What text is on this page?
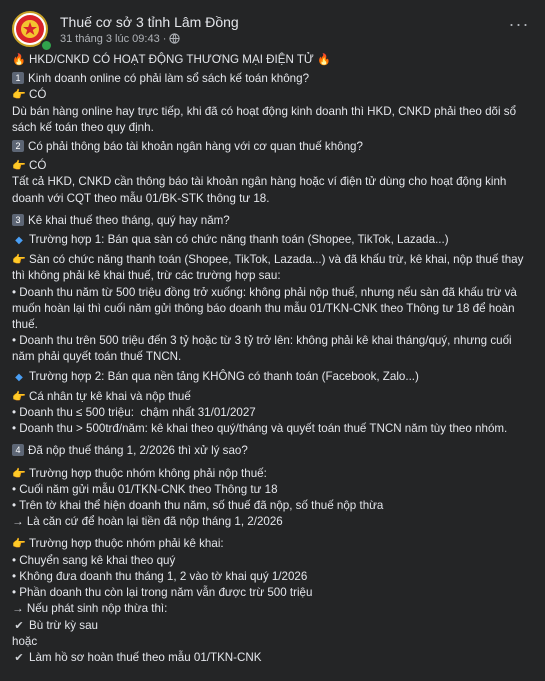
Thuế cơ sở 3 tỉnh Lâm Đồng
31 tháng 3 lúc 09:43 ·
···
🔥 HKD/CNKD CÓ HOẠT ĐỘNG THƯƠNG MẠI ĐIỆN TỬ 🔥
1 Kinh doanh online có phải làm sổ sách kế toán không?
👉 CÓ
Dù bán hàng online hay trực tiếp, khi đã có hoạt động kinh doanh thì HKD, CNKD phải theo dõi sổ sách kế toán theo quy định.
2 Có phải thông báo tài khoản ngân hàng với cơ quan thuế không?
👉 CÓ
Tất cả HKD, CNKD cần thông báo tài khoản ngân hàng hoặc ví điện tử dùng cho hoạt động kinh doanh với CQT theo mẫu 01/BK-STK thông tư 18.
3 Kê khai thuế theo tháng, quý hay năm?
◆ Trường hợp 1: Bán qua sàn có chức năng thanh toán (Shopee, TikTok, Lazada...)
👉 Sàn có chức năng thanh toán (Shopee, TikTok, Lazada...) và đã khấu trừ, kê khai, nộp thuế thay thì không phải kê khai thuế, trừ các trường hợp sau:
• Doanh thu năm từ 500 triệu đồng trở xuống: không phải nộp thuế, nhưng nếu sàn đã khấu trừ và muốn hoàn lại thì cuối năm gửi thông báo doanh thu mẫu 01/TKN-CNK theo Thông tư 18 để hoàn thuế.
• Doanh thu trên 500 triệu đến 3 tỷ hoặc từ 3 tỷ trở lên: không phải kê khai tháng/quý, nhưng cuối năm phải quyết toán thuế TNCN.
◆ Trường hợp 2: Bán qua nền tảng KHÔNG có thanh toán (Facebook, Zalo...)
👉 Cá nhân tự kê khai và nộp thuế
• Doanh thu ≤ 500 triệu:  chậm nhất 31/01/2027
• Doanh thu > 500trđ/năm: kê khai theo quý/tháng và quyết toán thuế TNCN năm tùy theo nhóm.
4 Đã nộp thuế tháng 1, 2/2026 thì xử lý sao?
👉 Trường hợp thuộc nhóm không phải nộp thuế:
• Cuối năm gửi mẫu 01/TKN-CNK theo Thông tư 18
• Trên tờ khai thể hiện doanh thu năm, số thuế đã nộp, số thuế nộp thừa
→ Là căn cứ để hoàn lại tiền đã nộp tháng 1, 2/2026
👉 Trường hợp thuộc nhóm phải kê khai:
• Chuyển sang kê khai theo quý
• Không đưa doanh thu tháng 1, 2 vào tờ khai quý 1/2026
• Phần doanh thu còn lại trong năm vẫn được trừ 500 triệu
→ Nếu phát sinh nộp thừa thì:
✔ Bù trừ kỳ sau
hoặc
✔ Làm hồ sơ hoàn thuế theo mẫu 01/TKN-CNK
